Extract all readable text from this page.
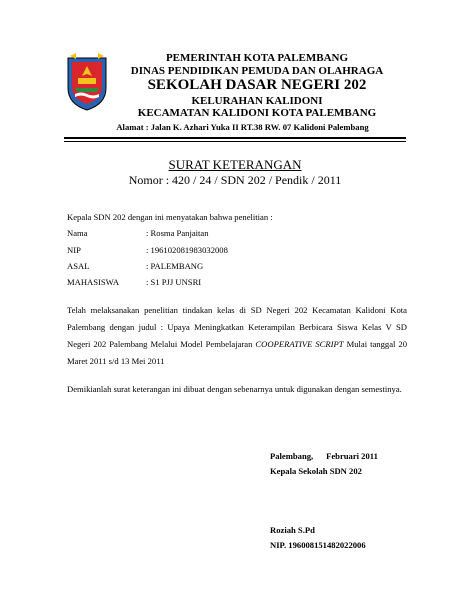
PEMERINTAH KOTA PALEMBANG
DINAS PENDIDIKAN PEMUDA DAN OLAHRAGA
SEKOLAH DASAR NEGERI 202
KELURAHAN KALIDONI
KECAMATAN KALIDONI KOTA PALEMBANG
Alamat : Jalan K. Azhari Yuka II RT.38 RW. 07 Kalidoni Palembang
SURAT KETERANGAN
Nomor : 420 / 24 / SDN 202 / Pendik / 2011
Kepala SDN 202 dengan ini menyatakan bahwa penelitian :
Nama	: Rosma Panjaitan
NIP	: 196102081983032008
ASAL	: PALEMBANG
MAHASISWA	: S1 PJJ UNSRI
Telah melaksanakan penelitian tindakan kelas di SD Negeri 202 Kecamatan Kalidoni Kota Palembang dengan judul : Upaya Meningkatkan Keterampilan Berbicara Siswa Kelas V SD Negeri 202 Palembang Melalui Model Pembelajaran COOPERATIVE SCRIPT Mulai tanggal 20 Maret 2011 s/d 13 Mei 2011
Demikianlah surat keterangan ini dibuat dengan sebenarnya untuk digunakan dengan semestinya.
Palembang,      Februari 2011
Kepala Sekolah SDN 202
Roziah S.Pd
NIP. 196008151482022006
